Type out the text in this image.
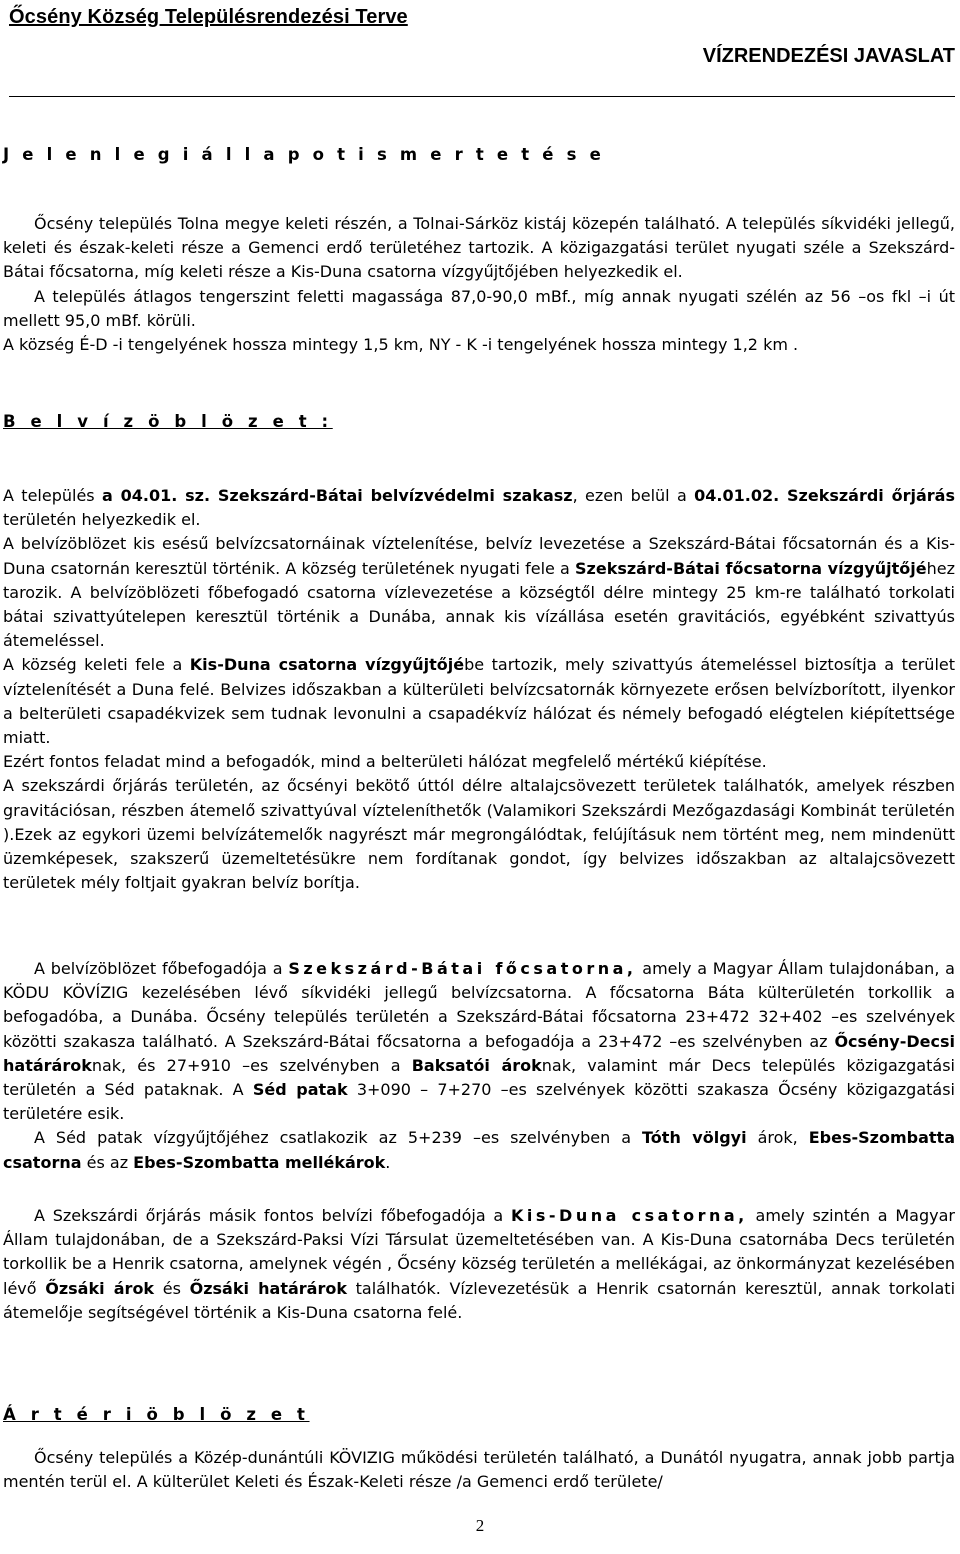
Őcsény Község Településrendezési Terve
VÍZRENDEZÉSI JAVASLAT
J e l e n l e g i á l l a p o t i s m e r t e t é s e

Őcsény település Tolna megye keleti részén, a Tolnai-Sárköz kistáj közepén található. A település síkvidéki jellegű, keleti és észak-keleti része a Gemenci erdő területéhez tartozik. A közigazgatási terület nyugati széle a Szekszárd-Bátai főcsatorna, míg keleti része a Kis-Duna csatorna vízgyűjtőjében helyezkedik el.

A település átlagos tengerszint feletti magassága 87,0-90,0 mBf., míg annak nyugati szélén az 56 –os fkl –i út mellett 95,0 mBf. körüli.

A község É-D -i tengelyének hossza mintegy 1,5 km, NY - K -i tengelyének hossza mintegy 1,2 km .

B e l v í z ö b l ö z e t :

A település a 04.01. sz. Szekszárd-Bátai belvízvédelmi szakasz, ezen belül a 04.01.02. Szekszárdi őrjárás területén helyezkedik el.

A belvízöblözet kis esésű belvízcsatornáinak víztelenítése, belvíz levezetése a Szekszárd-Bátai főcsatornán és a Kis-Duna csatornán keresztül történik. A község területének nyugati fele a Szekszárd-Bátai főcsatorna vízgyűjtőjéhez tarozik. A belvízöblözeti főbefogadó csatorna vízlevezetése a községtől délre mintegy 25 km-re található torkolati bátai szivattyútelepen keresztül történik a Dunába, annak kis vízállása esetén gravitációs, egyébként szivattyús átemeléssel.

A község keleti fele a Kis-Duna csatorna vízgyűjtőjébe tartozik, mely szivattyús átemeléssel biztosítja a terület víztelenítését a Duna felé. Belvizes időszakban a külterületi belvízcsatornák környezete erősen belvízborított, ilyenkor a belterületi csapadékvizek sem tudnak levonulni a csapadékvíz hálózat és némely befogadó elégtelen kiépítettsége miatt.

Ezért fontos feladat mind a befogadók, mind a belterületi hálózat megfelelő mértékű kiépítése.

A szekszárdi őrjárás területén, az őcsényi bekötő úttól délre altalajcsövezett területek találhatók, amelyek részben gravitációsan, részben átemelő szivattyúval vízteleníthetők (Valamikori Szekszárdi Mezőgazdasági Kombinát területén ).Ezek az egykori üzemi belvízátemelők nagyrészt már megrongálódtak, felújításuk nem történt meg, nem mindenütt üzemképesek, szakszerű üzemeltetésükre nem fordítanak gondot, így belvizes időszakban az altalajcsövezett területek mély foltjait gyakran belvíz borítja.

A belvízöblözet főbefogadója a Szekszárd-Bátai főcsatorna, amely a Magyar Állam tulajdonában, a KÖDU KÖVÍZIG kezelésében lévő síkvidéki jellegű belvízcsatorna. A főcsatorna Báta külterületén torkollik a befogadóba, a Dunába. Őcsény település területén a Szekszárd-Bátai főcsatorna 23+472 32+402 –es szelvények közötti szakasza található. A Szekszárd-Bátai főcsatorna a befogadója a 23+472 –es szelvényben az Őcsény-Decsi határároknak, és 27+910 –es szelvényben a Baksatói ároknak, valamint már Decs település közigazgatási területén a Séd pataknak. A Séd patak 3+090 – 7+270 –es szelvények közötti szakasza Őcsény közigazgatási területére esik.

A Séd patak vízgyűjtőjéhez csatlakozik az 5+239 –es szelvényben a Tóth völgyi árok, Ebes-Szombatta csatorna és az Ebes-Szombatta mellékárok.

A Szekszárdi őrjárás másik fontos belvízi főbefogadója a Kis-Duna csatorna, amely szintén a Magyar Állam tulajdonában, de a Szekszárd-Paksi Vízi Társulat üzemeltetésében van. A Kis-Duna csatornába Decs területén torkollik be a Henrik csatorna, amelynek végén , Őcsény község területén a mellékágai, az önkormányzat kezelésében lévő Őzsáki árok és Őzsáki határárok találhatók. Vízlevezetésük a Henrik csatornán keresztül, annak torkolati átemelője segítségével történik a Kis-Duna csatorna felé.

Á r t é r i ö b l ö z e t

Őcsény település a Közép-dunántúli KÖVIZIG működési területén található, a Dunától nyugatra, annak jobb partja mentén terül el. A külterület Keleti és Észak-Keleti része /a Gemenci erdő területe/

2
